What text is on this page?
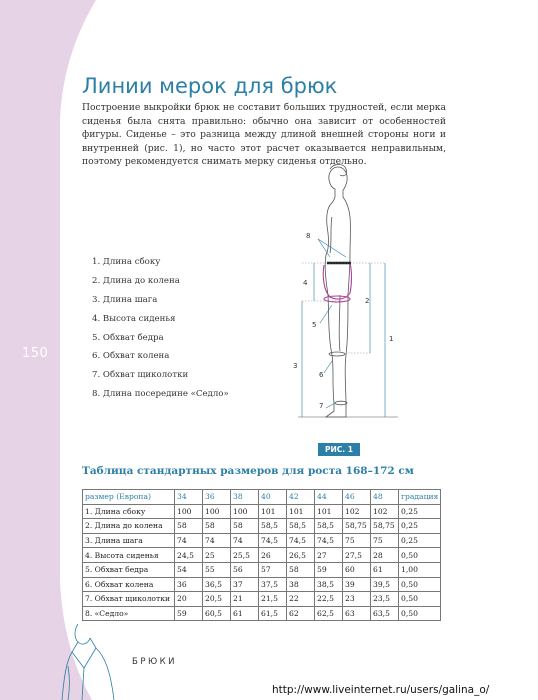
150
Линии мерок для брюк

Построение выкройки брюк не составит больших трудностей, если мерка сиденья была снята правильно: обычно она зависит от особенностей фигуры. Сиденье – это разница между длиной внешней стороны ноги и внутренней (рис. 1), но часто этот расчет оказывается неправильным, поэтому рекомендуется снимать мерку сиденья отдельно.

1. Длина сбоку
2. Длина до колена
3. Длина шага
4. Высота сиденья
5. Обхват бедра
6. Обхват колена
7. Обхват щиколотки
8. Длина посередине «Седло»
1
2
3
4
5
6
7
8
РИС. 1
Таблица стандартных размеров для роста 168–172 см
размер (Европа)	34	36	38	40	42	44	46	48	градация
1. Длина сбоку	100	100	100	101	101	101	102	102	0,25
2. Длина до колена	58	58	58	58,5	58,5	58,5	58,75	58,75	0,25
3. Длина шага	74	74	74	74,5	74,5	74,5	75	75	0,25
4. Высота сиденья	24,5	25	25,5	26	26,5	27	27,5	28	0,50
5. Обхват бедра	54	55	56	57	58	59	60	61	1,00
6. Обхват колена	36	36,5	37	37,5	38	38,5	39	39,5	0,50
7. Обхват щиколотки	20	20,5	21	21,5	22	22,5	23	23,5	0,50
8. «Седло»	59	60,5	61	61,5	62	62,5	63	63,5	0,50
БРЮКИ
http://www.liveinternet.ru/users/galina_o/
